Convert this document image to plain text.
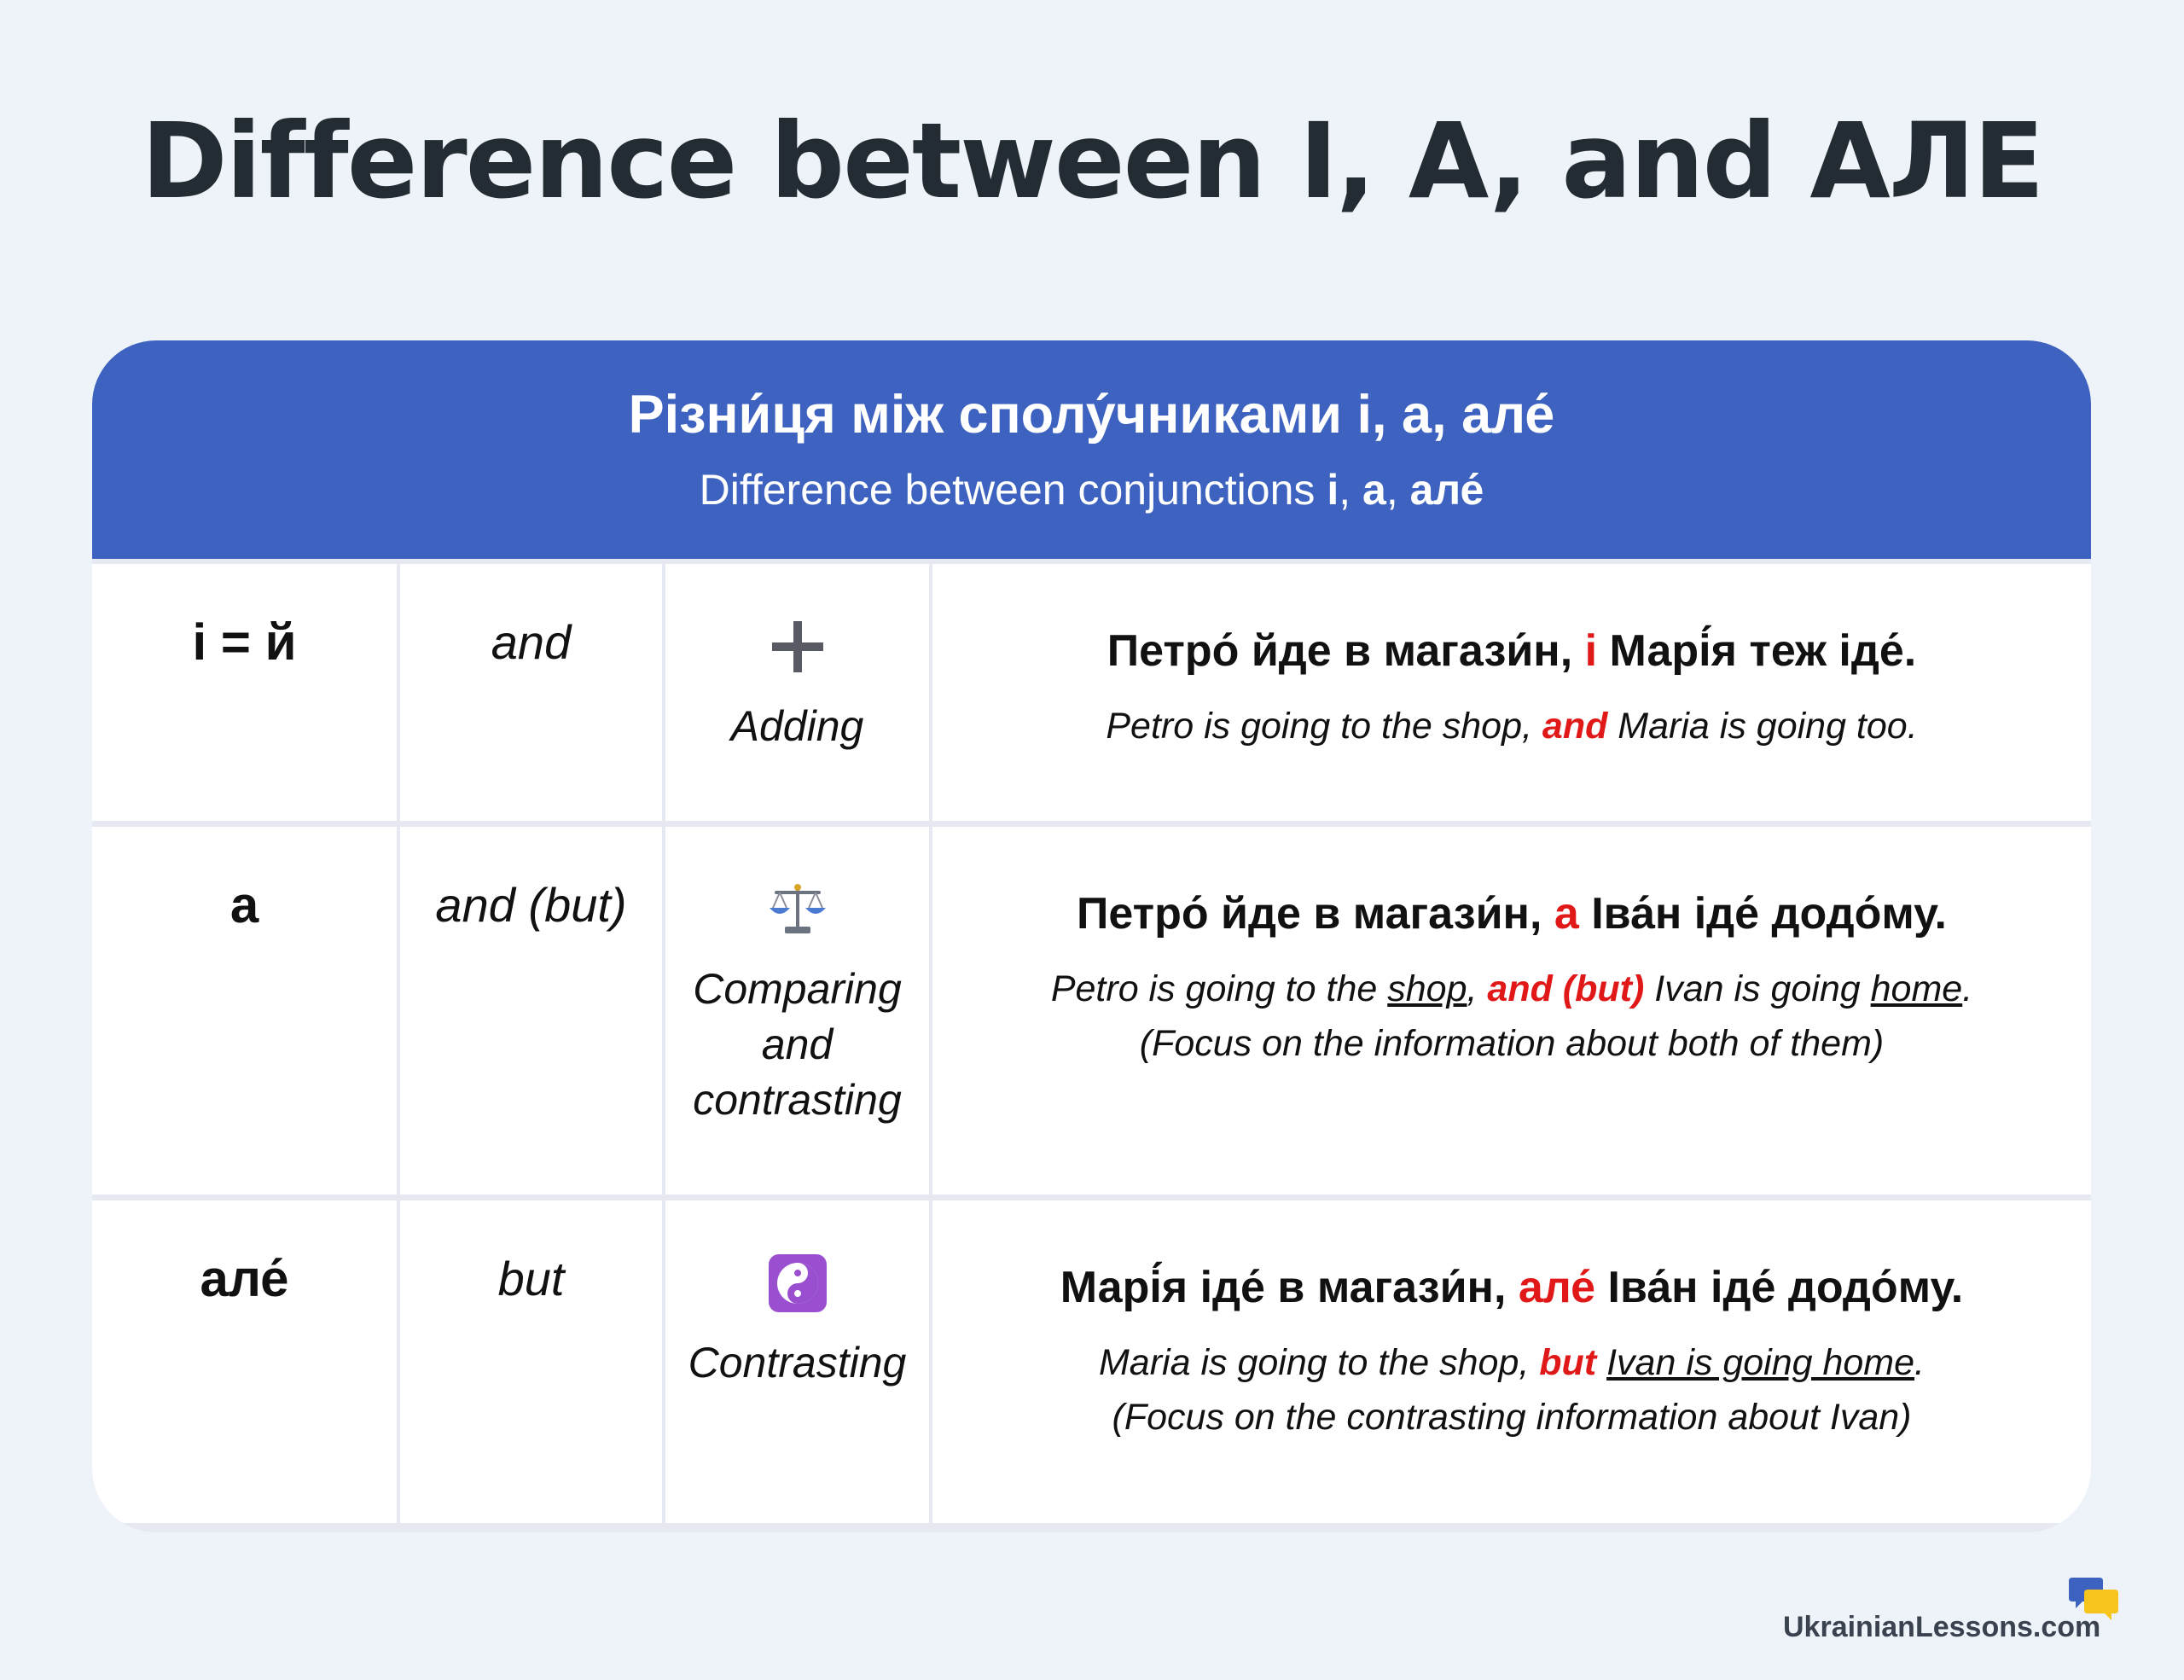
Difference between I, A, and АЛЕ
Різни́ця між сполу́чниками і, а, але́
Difference between conjunctions і, а, але́
і = й	and
Adding
Петро́ йде в магази́н, і Марі́я теж іде́.
Petro is going to the shop, and Maria is going too.
а	and (but)
Comparing and contrasting
Петро́ йде в магази́н, а Іва́н іде́ додо́му.
Petro is going to the shop, and (but) Ivan is going home.
(Focus on the information about both of them)
але́	but
Contrasting
Марі́я іде́ в магази́н, але́ Іва́н іде́ додо́му.
Maria is going to the shop, but Ivan is going home.
(Focus on the contrasting information about Ivan)
UkrainianLessons.com
